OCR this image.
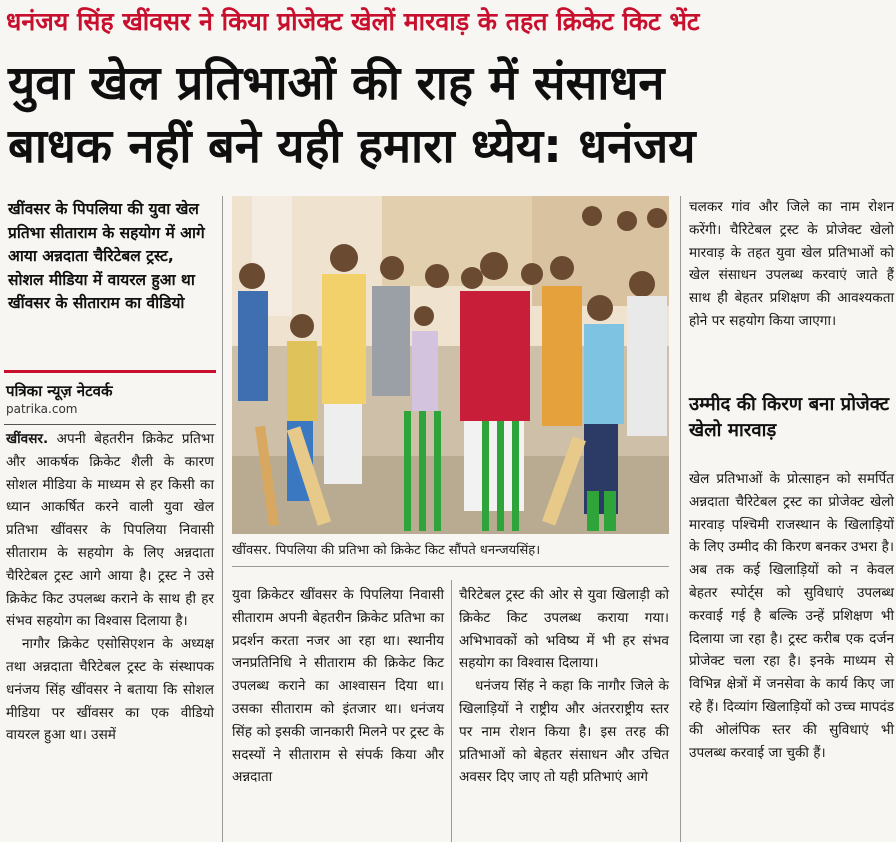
धनंजय सिंह खींवसर ने किया प्रोजेक्ट खेलों मारवाड़ के तहत क्रिकेट किट भेंट
युवा खेल प्रतिभाओं की राह में संसाधन
बाधक नहीं बने यही हमारा ध्येय: धनंजय
खींवसर के पिपलिया की युवा खेल प्रतिभा सीताराम के सहयोग में आगे आया अन्नदाता चैरिटेबल ट्रस्ट, सोशल मीडिया में वायरल हुआ था खींवसर के सीताराम का वीडियो
पत्रिका न्यूज़ नेटवर्क
patrika.com

खींवसर. अपनी बेहतरीन क्रिकेट प्रतिभा और आकर्षक क्रिकेट शैली के कारण सोशल मीडिया के माध्यम से हर किसी का ध्यान आकर्षित करने वाली युवा खेल प्रतिभा खींवसर के पिपलिया निवासी सीताराम के सहयोग के लिए अन्नदाता चैरिटेबल ट्रस्ट आगे आया है। ट्रस्ट ने उसे क्रिकेट किट उपलब्ध कराने के साथ ही हर संभव सहयोग का विश्वास दिलाया है।

नागौर क्रिकेट एसोसिएशन के अध्यक्ष तथा अन्नदाता चैरिटेबल ट्रस्ट के संस्थापक धनंजय सिंह खींवसर ने बताया कि सोशल मीडिया पर खींवसर का एक वीडियो वायरल हुआ था। उसमें

खींवसर. पिपलिया की प्रतिभा को क्रिकेट किट सौंपते धनन्जयसिंह।

युवा क्रिकेटर खींवसर के पिपलिया निवासी सीताराम अपनी बेहतरीन क्रिकेट प्रतिभा का प्रदर्शन करता नजर आ रहा था। स्थानीय जनप्रतिनिधि ने सीताराम की क्रिकेट किट उपलब्ध कराने का आश्वासन दिया था। उसका सीताराम को इंतजार था। धनंजय सिंह को इसकी जानकारी मिलने पर ट्रस्ट के सदस्यों ने सीताराम से संपर्क किया और अन्नदाता

चैरिटेबल ट्रस्ट की ओर से युवा खिलाड़ी को क्रिकेट किट उपलब्ध कराया गया। अभिभावकों को भविष्य में भी हर संभव सहयोग का विश्वास दिलाया।

धनंजय सिंह ने कहा कि नागौर जिले के खिलाड़ियों ने राष्ट्रीय और अंतरराष्ट्रीय स्तर पर नाम रोशन किया है। इस तरह की प्रतिभाओं को बेहतर संसाधन और उचित अवसर दिए जाए तो यही प्रतिभाएं आगे

चलकर गांव और जिले का नाम रोशन करेंगी। चैरिटेबल ट्रस्ट के प्रोजेक्ट खेलो मारवाड़ के तहत युवा खेल प्रतिभाओं को खेल संसाधन उपलब्ध करवाएं जाते हैं साथ ही बेहतर प्रशिक्षण की आवश्यकता होने पर सहयोग किया जाएगा।

उम्मीद की किरण बना प्रोजेक्ट खेलो मारवाड़

खेल प्रतिभाओं के प्रोत्साहन को समर्पित अन्नदाता चैरिटेबल ट्रस्ट का प्रोजेक्ट खेलो मारवाड़ पश्चिमी राजस्थान के खिलाड़ियों के लिए उम्मीद की किरण बनकर उभरा है। अब तक कई खिलाड़ियों को न केवल बेहतर स्पोर्ट्स को सुविधाएं उपलब्ध करवाई गई है बल्कि उन्हें प्रशिक्षण भी दिलाया जा रहा है। ट्रस्ट करीब एक दर्जन प्रोजेक्ट चला रहा है। इनके माध्यम से विभिन्न क्षेत्रों में जनसेवा के कार्य किए जा रहे हैं। दिव्यांग खिलाड़ियों को उच्च मापदंड की ओलंपिक स्तर की सुविधाएं भी उपलब्ध करवाई जा चुकी हैं।
